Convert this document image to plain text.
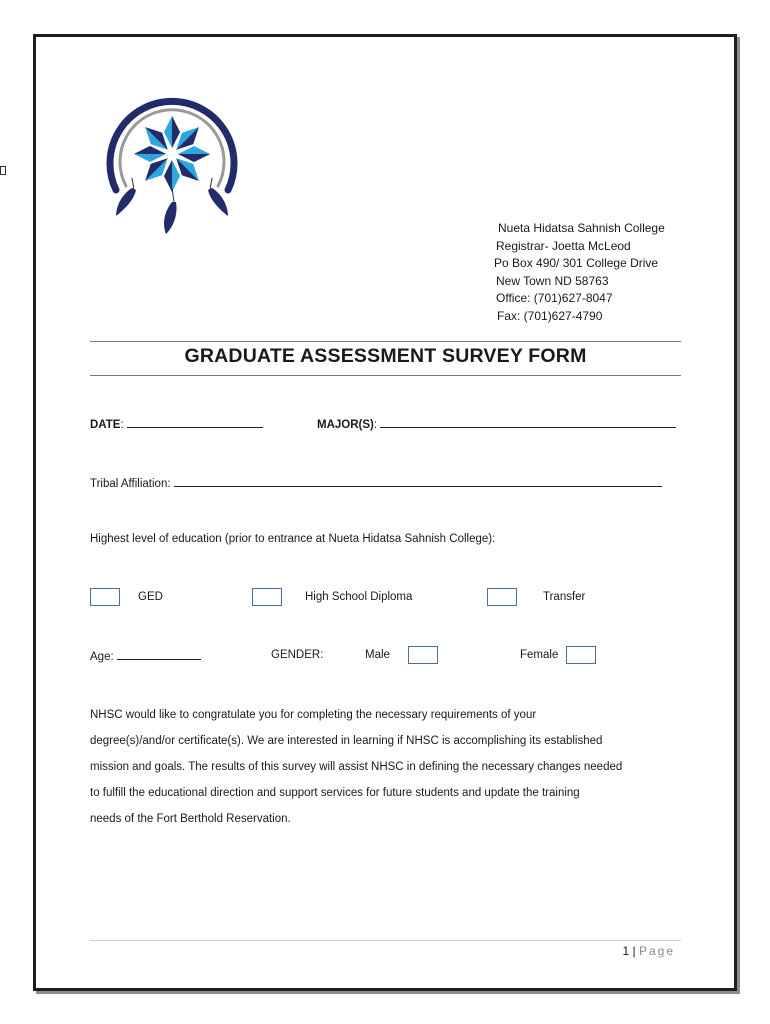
Nueta Hidatsa Sahnish College
Registrar- Joetta McLeod
Po Box 490/ 301 College Drive
New Town ND 58763
Office: (701)627-8047
Fax: (701)627-4790
GRADUATE ASSESSMENT SURVEY FORM
DATE:	MAJOR(S):
Tribal Affiliation:
Highest level of education (prior to entrance at Nueta Hidatsa Sahnish College):
GED	High School Diploma	Transfer
Age:	GENDER:	Male	Female
NHSC would like to congratulate you for completing the necessary requirements of your
degree(s)/and/or certificate(s). We are interested in learning if NHSC is accomplishing its established
mission and goals. The results of this survey will assist NHSC in defining the necessary changes needed
to fulfill the educational direction and support services for future students and update the training
needs of the Fort Berthold Reservation.
1 | Page
